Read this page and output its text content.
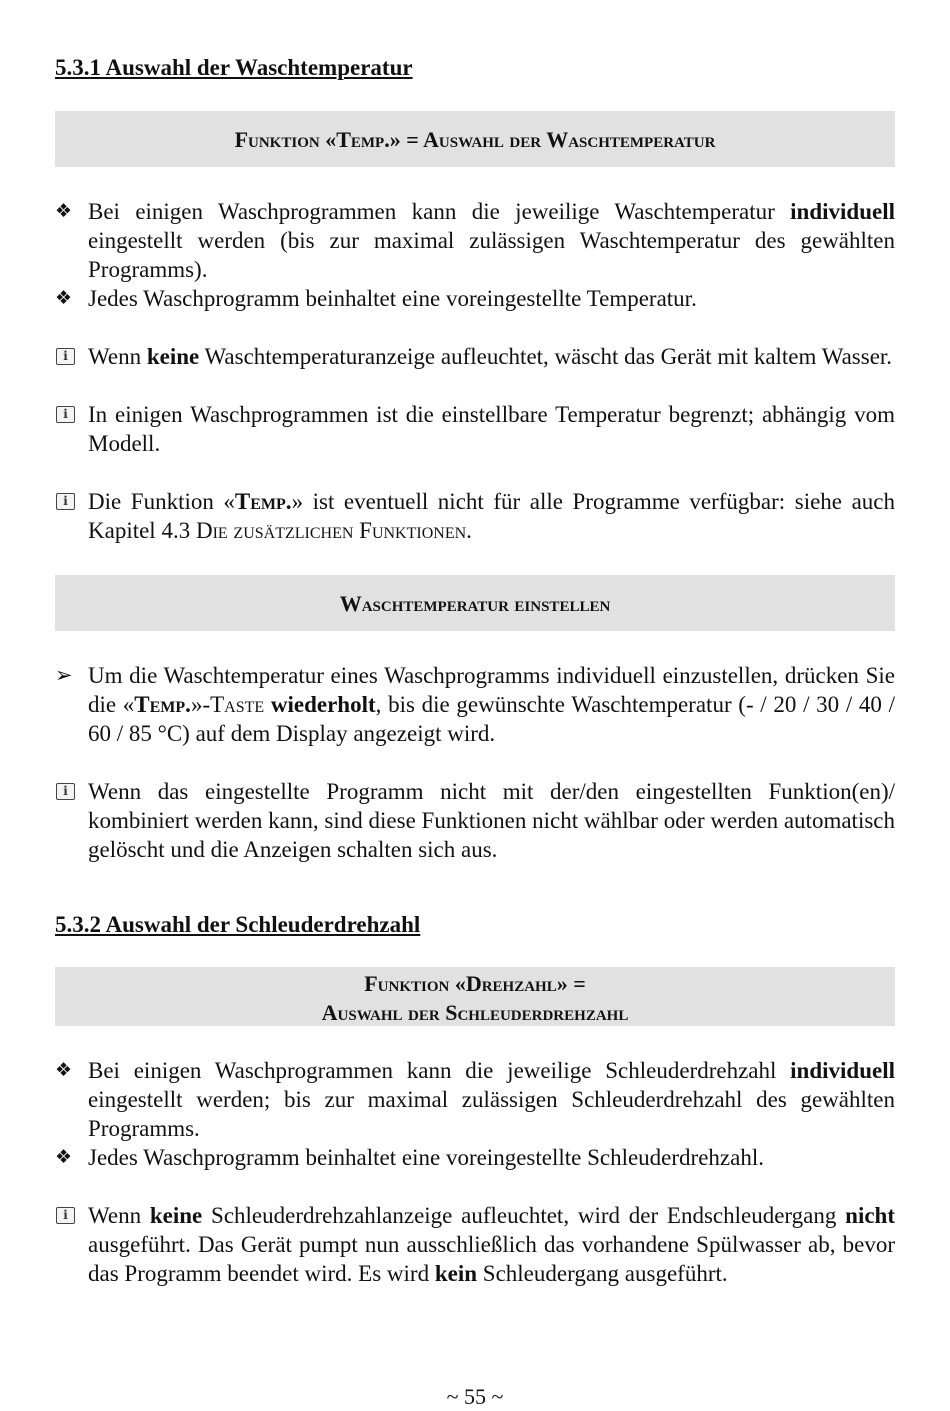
5.3.1 Auswahl der Waschtemperatur
Funktion «Temp.» = Auswahl der Waschtemperatur
❖ Bei einigen Waschprogrammen kann die jeweilige Waschtemperatur individuell eingestellt werden (bis zur maximal zulässigen Waschtemperatur des gewählten Programms).
❖ Jedes Waschprogramm beinhaltet eine voreingestellte Temperatur.
i Wenn keine Waschtemperaturanzeige aufleuchtet, wäscht das Gerät mit kaltem Wasser.
i In einigen Waschprogrammen ist die einstellbare Temperatur begrenzt; abhängig vom Modell.
i Die Funktion «Temp.» ist eventuell nicht für alle Programme verfügbar: siehe auch Kapitel 4.3 Die zusätzlichen Funktionen.
Waschtemperatur einstellen
➢ Um die Waschtemperatur eines Waschprogramms individuell einzustellen, drücken Sie die «Temp.»-Taste wiederholt, bis die gewünschte Waschtemperatur (- / 20 / 30 / 40 / 60 / 85 °C) auf dem Display angezeigt wird.
i Wenn das eingestellte Programm nicht mit der/den eingestellten Funktion(en)/ kombiniert werden kann, sind diese Funktionen nicht wählbar oder werden automatisch gelöscht und die Anzeigen schalten sich aus.
5.3.2 Auswahl der Schleuderdrehzahl
Funktion «Drehzahl» =
Auswahl der Schleuderdrehzahl
❖ Bei einigen Waschprogrammen kann die jeweilige Schleuderdrehzahl individuell eingestellt werden; bis zur maximal zulässigen Schleuderdrehzahl des gewählten Programms.
❖ Jedes Waschprogramm beinhaltet eine voreingestellte Schleuderdrehzahl.
i Wenn keine Schleuderdrehzahlanzeige aufleuchtet, wird der Endschleudergang nicht ausgeführt. Das Gerät pumpt nun ausschließlich das vorhandene Spülwasser ab, bevor das Programm beendet wird. Es wird kein Schleudergang ausgeführt.
~ 55 ~
